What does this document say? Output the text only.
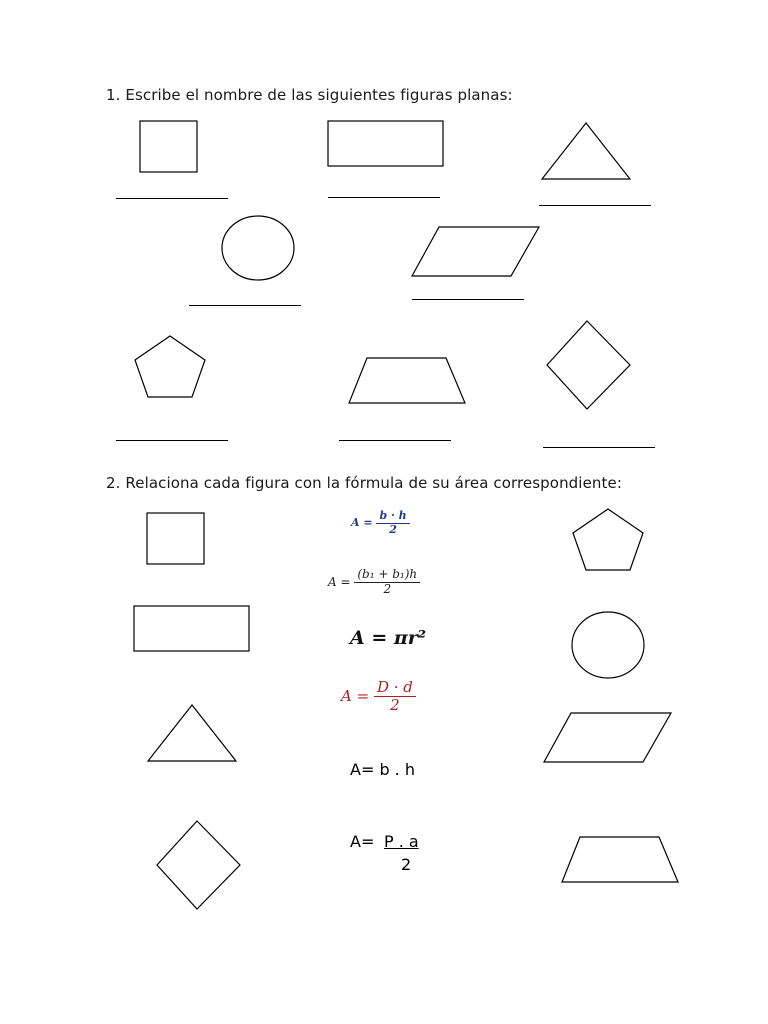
1. Escribe el nombre de las siguientes figuras planas:
2. Relaciona cada figura con la fórmula de su área correspondiente:
$A = \frac{b \cdot h}{2}$
$A = \frac{\text{(b₁ + b₁)h}}{2}$
A = πr²
$A = \frac{D \cdot d}{2}$
A= b . h
A= P . a
2
